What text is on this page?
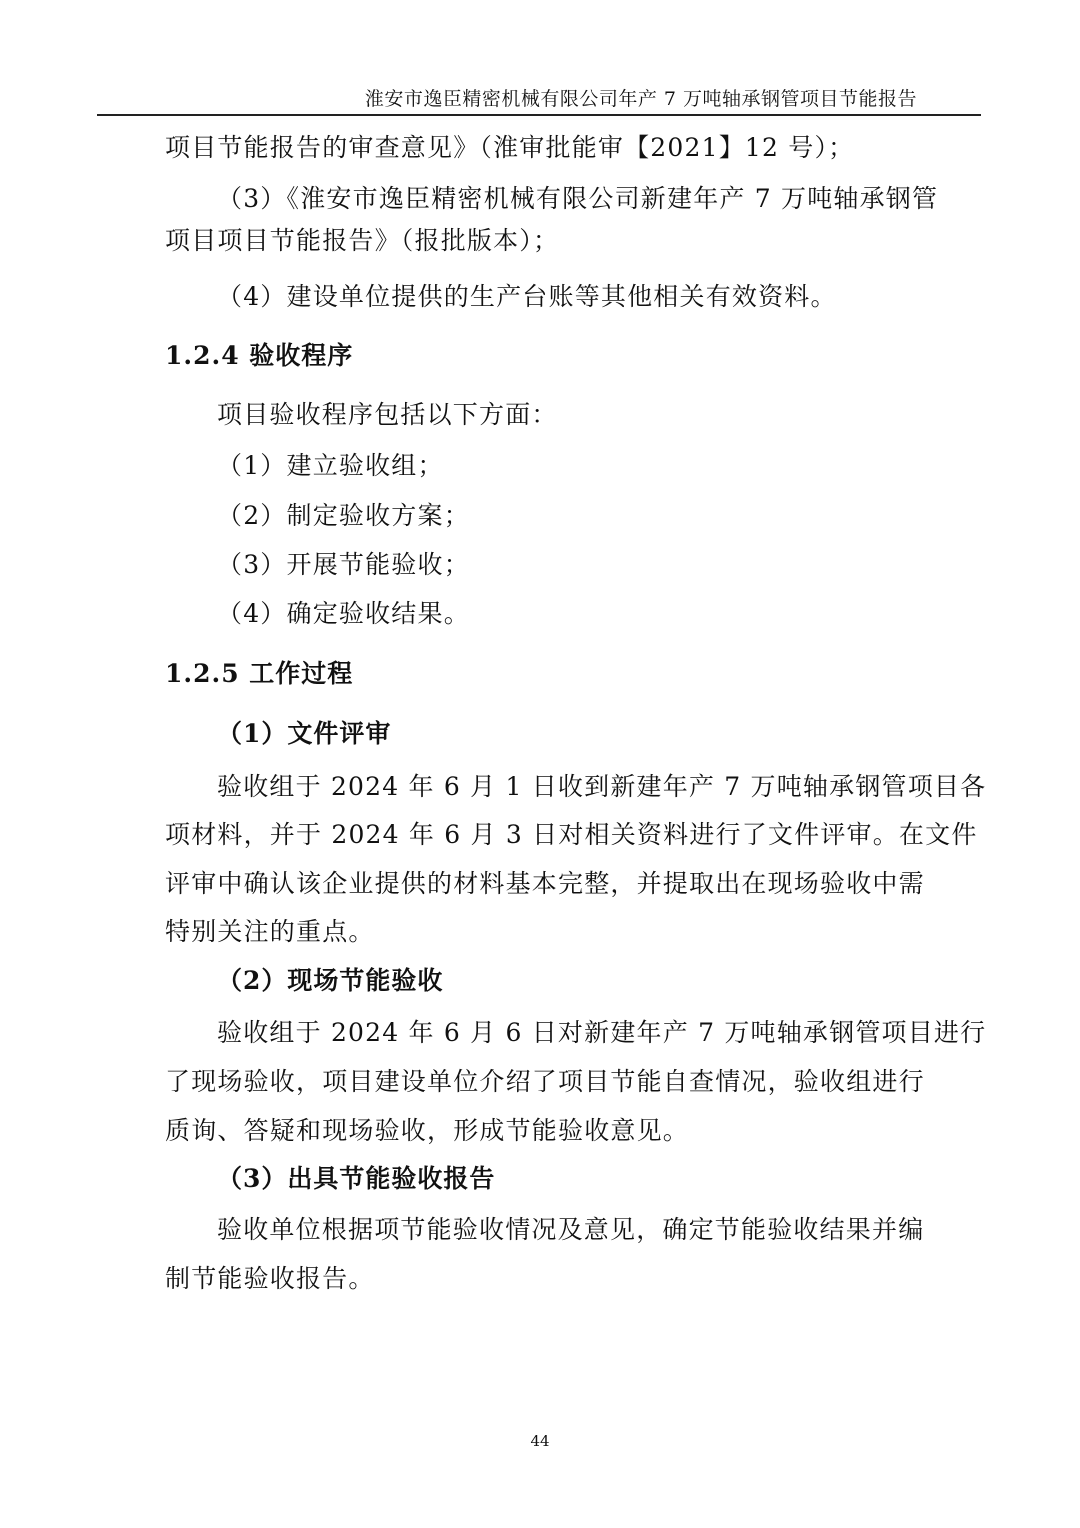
淮安市逸臣精密机械有限公司年产 7 万吨轴承钢管项目节能报告
项目节能报告的审查意见》（淮审批能审【2021】12 号）；
（3）《淮安市逸臣精密机械有限公司新建年产 7 万吨轴承钢管
项目项目节能报告》（报批版本）；
（4）建设单位提供的生产台账等其他相关有效资料。
1.2.4 验收程序
项目验收程序包括以下方面：
（1）建立验收组；
（2）制定验收方案；
（3）开展节能验收；
（4）确定验收结果。
1.2.5 工作过程
（1）文件评审
验收组于 2024 年 6 月 1 日收到新建年产 7 万吨轴承钢管项目各
项材料，并于 2024 年 6 月 3 日对相关资料进行了文件评审。在文件
评审中确认该企业提供的材料基本完整，并提取出在现场验收中需
特别关注的重点。
（2）现场节能验收
验收组于 2024 年 6 月 6 日对新建年产 7 万吨轴承钢管项目进行
了现场验收，项目建设单位介绍了项目节能自查情况，验收组进行
质询、答疑和现场验收，形成节能验收意见。
（3）出具节能验收报告
验收单位根据项节能验收情况及意见，确定节能验收结果并编
制节能验收报告。
44
